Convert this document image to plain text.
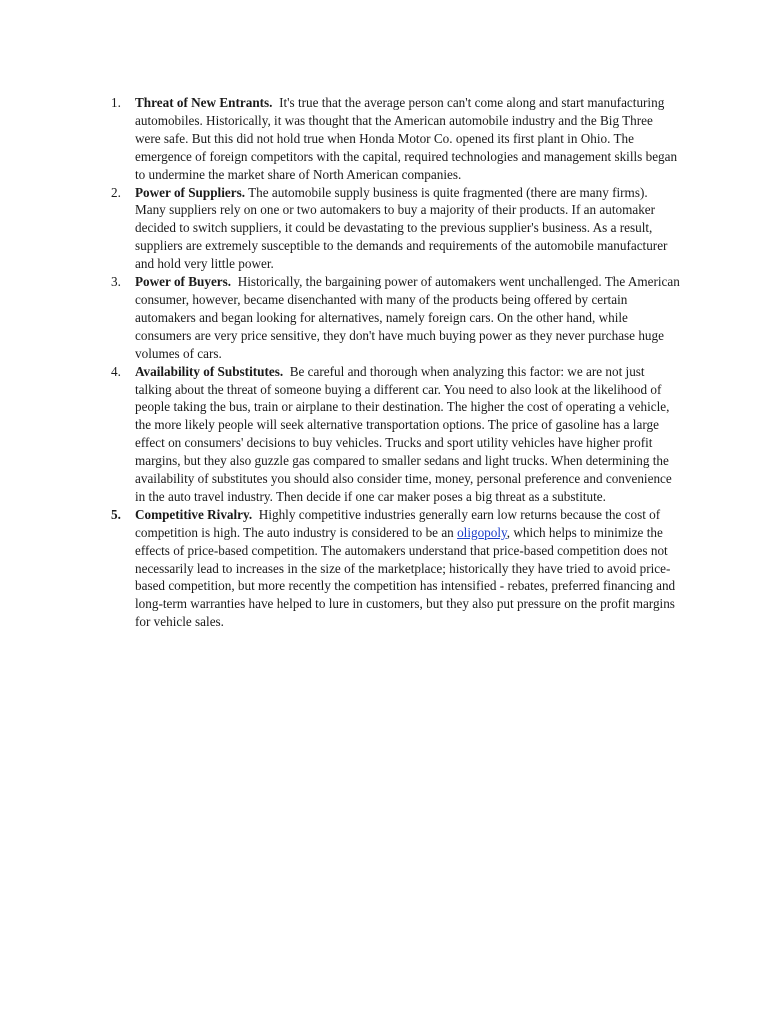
1. Threat of New Entrants. It's true that the average person can't come along and start manufacturing automobiles. Historically, it was thought that the American automobile industry and the Big Three were safe. But this did not hold true when Honda Motor Co. opened its first plant in Ohio. The emergence of foreign competitors with the capital, required technologies and management skills began to undermine the market share of North American companies.
2. Power of Suppliers. The automobile supply business is quite fragmented (there are many firms). Many suppliers rely on one or two automakers to buy a majority of their products. If an automaker decided to switch suppliers, it could be devastating to the previous supplier's business. As a result, suppliers are extremely susceptible to the demands and requirements of the automobile manufacturer and hold very little power.
3. Power of Buyers. Historically, the bargaining power of automakers went unchallenged. The American consumer, however, became disenchanted with many of the products being offered by certain automakers and began looking for alternatives, namely foreign cars. On the other hand, while consumers are very price sensitive, they don't have much buying power as they never purchase huge volumes of cars.
4. Availability of Substitutes. Be careful and thorough when analyzing this factor: we are not just talking about the threat of someone buying a different car. You need to also look at the likelihood of people taking the bus, train or airplane to their destination. The higher the cost of operating a vehicle, the more likely people will seek alternative transportation options. The price of gasoline has a large effect on consumers' decisions to buy vehicles. Trucks and sport utility vehicles have higher profit margins, but they also guzzle gas compared to smaller sedans and light trucks. When determining the availability of substitutes you should also consider time, money, personal preference and convenience in the auto travel industry. Then decide if one car maker poses a big threat as a substitute.
5. Competitive Rivalry. Highly competitive industries generally earn low returns because the cost of competition is high. The auto industry is considered to be an oligopoly, which helps to minimize the effects of price-based competition. The automakers understand that price-based competition does not necessarily lead to increases in the size of the marketplace; historically they have tried to avoid price-based competition, but more recently the competition has intensified - rebates, preferred financing and long-term warranties have helped to lure in customers, but they also put pressure on the profit margins for vehicle sales.
